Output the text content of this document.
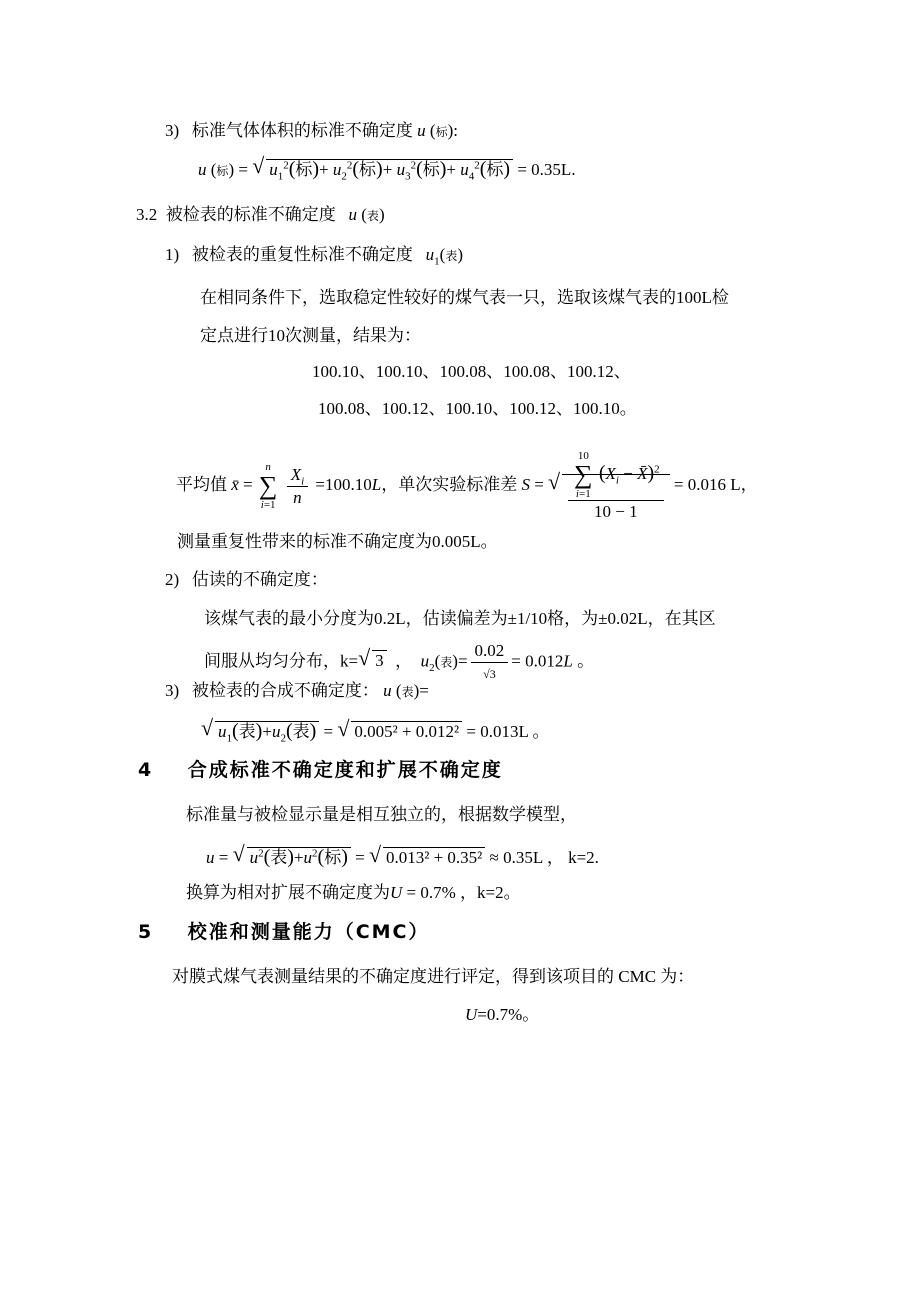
3) 标准气体体积的标准不确定度 u (标):
u (标) = √ $u_1^2$(标)+ $u_2^2$(标)+ $u_3^2$(标)+ $u_4^2$(标) = 0.35L.
3.2 被检表的标准不确定度 u (表)
1) 被检表的重复性标准不确定度 $u_1$(表)
在相同条件下，选取稳定性较好的煤气表一只，选取该煤气表的100L检
定点进行10次测量，结果为：
100.10、100.10、100.08、100.08、100.12、
100.08、100.12、100.10、100.12、100.10。
平均值 x̄ = n
∑
$i=1 \frac{X_i}{n} =100.10L$，单次实验标准差 S = √ 10
∑
i=1 ($X_i$ − X̄)$^2$
10 − 1 = 0.016 L，
测量重复性带来的标准不确定度为0.005L。
2) 估读的不确定度：
该煤气表的最小分度为0.2L，估读偏差为±1/10格，为±0.02L，在其区
间服从均匀分布，k= √ 3 ， $u_2$(表)= $\frac{0.02}{√3} = 0.012L$ 。
3) 被检表的合成不确定度： u (表)=
√ $u_1$(表)$+u_2$(表) = √ 0.005² + 0.012² = 0.013L 。
4 合成标准不确定度和扩展不确定度
标准量与被检显示量是相互独立的，根据数学模型，
u = √ $u^2$(表)$+u^2$(标) = √ 0.013² + 0.35² ≈ 0.35L ， k=2.
换算为相对扩展不确定度为U = 0.7% ，k=2。
5 校准和测量能力（CMC）
对膜式煤气表测量结果的不确定度进行评定，得到该项目的 CMC 为：
U=0.7%。
